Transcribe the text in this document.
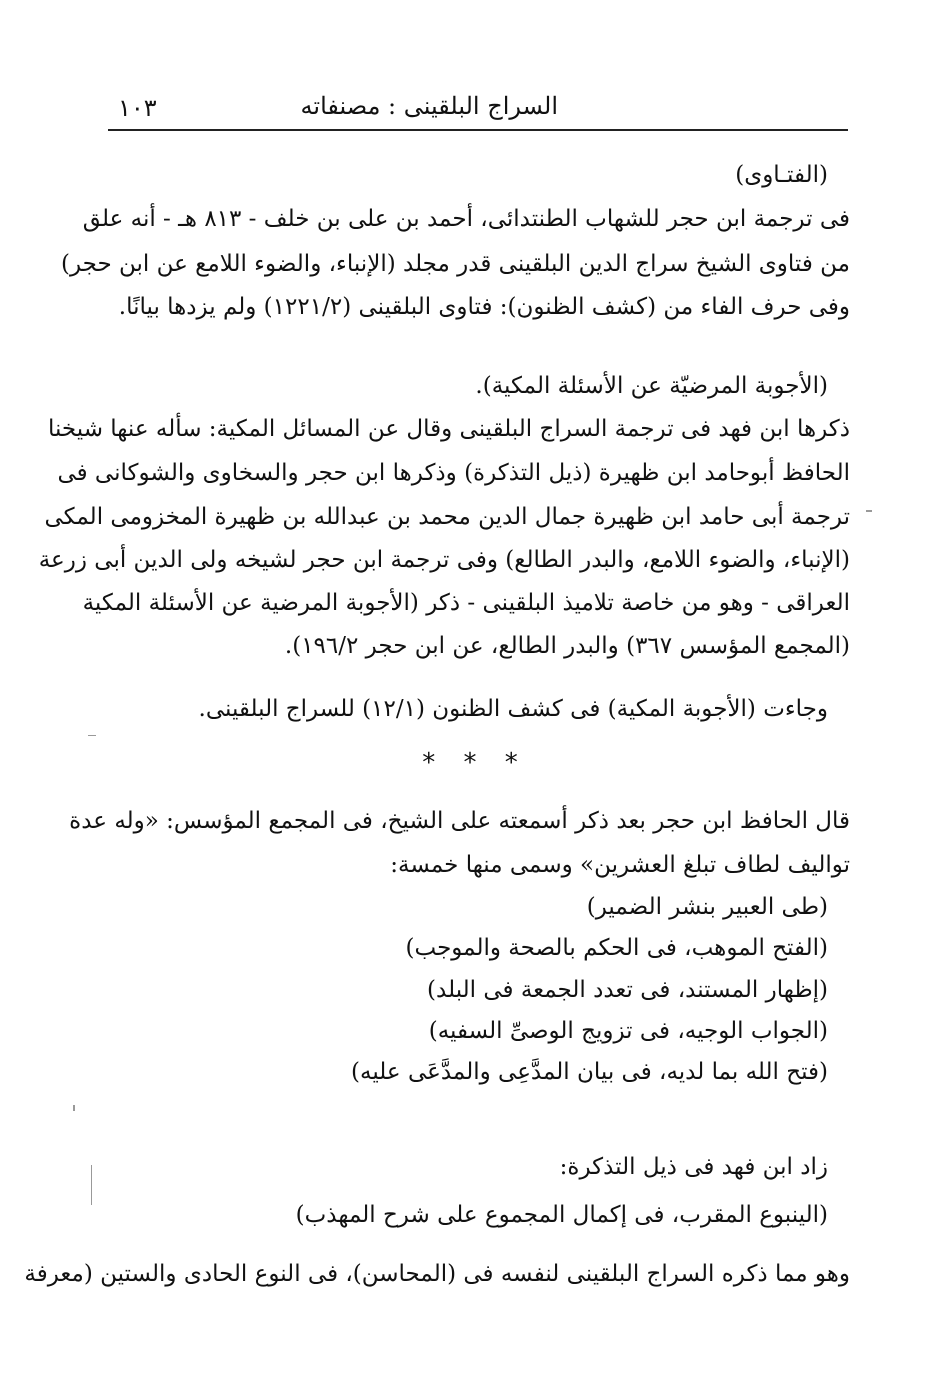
١٠٣	السراج البلقينى : مصنفاته
(الفتـاوى)
فى ترجمة ابن حجر للشهاب الطنتدائى، أحمد بن على بن خلف - ٨١٣ هـ - أنه علق
من فتاوى الشيخ سراج الدين البلقينى قدر مجلد (الإنباء، والضوء اللامع عن ابن حجر)
وفى حرف الفاء من (كشف الظنون): فتاوى البلقينى (١٢٢١/٢) ولم يزدها بيانًا.
(الأجوبة المرضيّة عن الأسئلة المكية).
ذكرها ابن فهد فى ترجمة السراج البلقينى وقال عن المسائل المكية: سأله عنها شيخنا
الحافظ أبوحامد ابن ظهيرة (ذيل التذكرة) وذكرها ابن حجر والسخاوى والشوكانى فى
ترجمة أبى حامد ابن ظهيرة جمال الدين محمد بن عبدالله بن ظهيرة المخزومى المكى
(الإنباء، والضوء اللامع، والبدر الطالع) وفى ترجمة ابن حجر لشيخه ولى الدين أبى زرعة
العراقى - وهو من خاصة تلاميذ البلقينى - ذكر (الأجوبة المرضية عن الأسئلة المكية
(المجمع المؤسس ٣٦٧) والبدر الطالع، عن ابن حجر ١٩٦/٢).
وجاءت (الأجوبة المكية) فى كشف الظنون (١٢/١) للسراج البلقينى.
* * *
قال الحافظ ابن حجر بعد ذكر أسمعته على الشيخ، فى المجمع المؤسس: «وله عدة
تواليف لطاف تبلغ العشرين» وسمى منها خمسة:
(طى العبير بنشر الضمير)
(الفتح الموهب، فى الحكم بالصحة والموجب)
(إظهار المستند، فى تعدد الجمعة فى البلد)
(الجواب الوجيه، فى تزويج الوصىِّ السفيه)
(فتح الله بما لديه، فى بيان المدَّعِى والمدَّعَى عليه)
زاد ابن فهد فى ذيل التذكرة:
(الينبوع المقرب، فى إكمال المجموع على شرح المهذب)
وهو مما ذكره السراج البلقينى لنفسه فى (المحاسن)، فى النوع الحادى والستين (معرفة
